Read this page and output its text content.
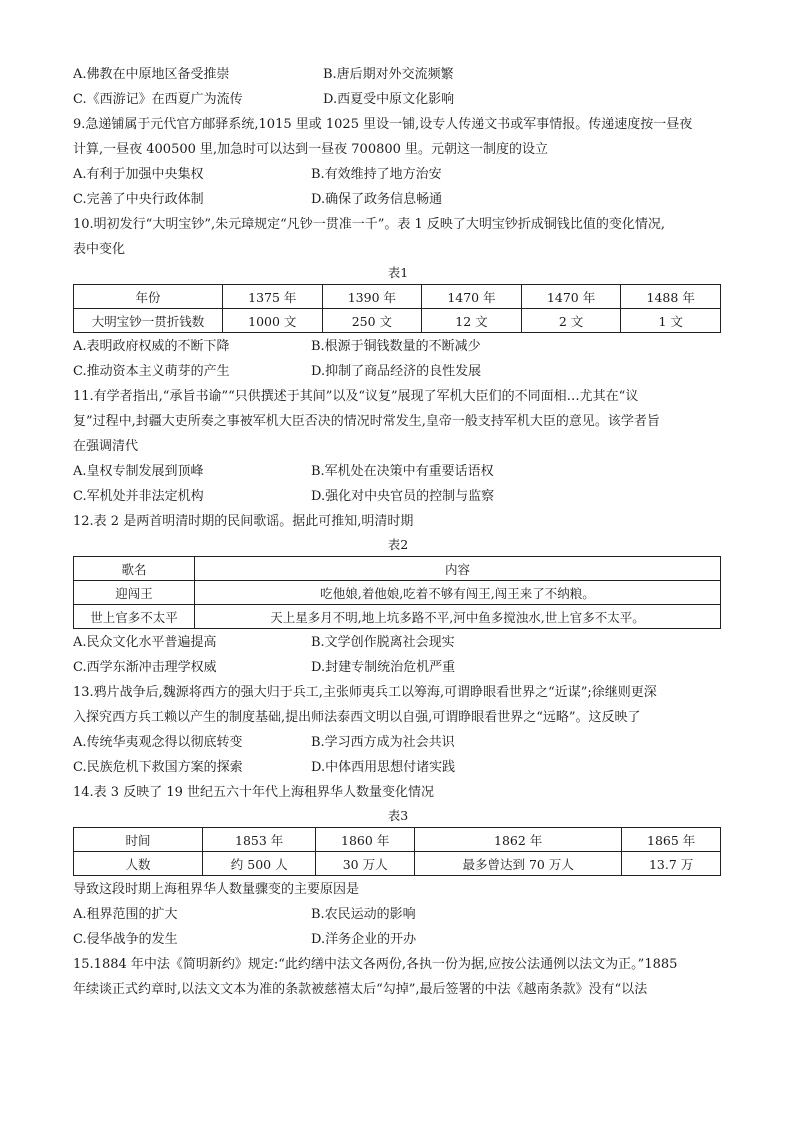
A.佛教在中原地区备受推崇	B.唐后期对外交流频繁
C.《西游记》在西夏广为流传	D.西夏受中原文化影响
9.急递铺属于元代官方邮驿系统,1015 里或 1025 里设一铺,设专人传递文书或军事情报。传递速度按一昼夜
计算,一昼夜 400500 里,加急时可以达到一昼夜 700800 里。元朝这一制度的设立
A.有利于加强中央集权	B.有效维持了地方治安
C.完善了中央行政体制	D.确保了政务信息畅通
10.明初发行“大明宝钞”,朱元璋规定“凡钞一贯准一千”。表 1 反映了大明宝钞折成铜钱比值的变化情况,
表中变化
表1
年份	1375 年	1390 年	1470 年	1470 年	1488 年
大明宝钞一贯折钱数	1000 文	250 文	12 文	2 文	1 文
A.表明政府权威的不断下降	B.根源于铜钱数量的不断减少
C.推动资本主义萌芽的产生	D.抑制了商品经济的良性发展
11.有学者指出,“承旨书谕”“只供撰述于其间”以及“议复”展现了军机大臣们的不同面相…尤其在“议
复”过程中,封疆大吏所奏之事被军机大臣否决的情况时常发生,皇帝一般支持军机大臣的意见。该学者旨
在强调清代
A.皇权专制发展到顶峰	B.军机处在决策中有重要话语权
C.军机处并非法定机构	D.强化对中央官员的控制与监察
12.表 2 是两首明清时期的民间歌谣。据此可推知,明清时期
表2
歌名	内容
迎闯王	吃他娘,着他娘,吃着不够有闯王,闯王来了不纳粮。
世上官多不太平	天上星多月不明,地上坑多路不平,河中鱼多搅浊水,世上官多不太平。
A.民众文化水平普遍提高	B.文学创作脱离社会现实
C.西学东渐冲击理学权威	D.封建专制统治危机严重
13.鸦片战争后,魏源将西方的强大归于兵工,主张师夷兵工以筹海,可谓睁眼看世界之“近谋”;徐继则更深
入探究西方兵工赖以产生的制度基础,提出师法泰西文明以自强,可谓睁眼看世界之“远略”。这反映了
A.传统华夷观念得以彻底转变	B.学习西方成为社会共识
C.民族危机下救国方案的探索	D.中体西用思想付诸实践
14.表 3 反映了 19 世纪五六十年代上海租界华人数量变化情况
表3
时间	1853 年	1860 年	1862 年	1865 年
人数	约 500 人	30 万人	最多曾达到 70 万人	13.7 万
导致这段时期上海租界华人数量骤变的主要原因是
A.租界范围的扩大	B.农民运动的影响
C.侵华战争的发生	D.洋务企业的开办
15.1884 年中法《简明新约》规定:“此约缮中法文各两份,各执一份为据,应按公法通例以法文为正。”1885
年续谈正式约章时,以法文文本为准的条款被慈禧太后“勾掉”,最后签署的中法《越南条款》没有“以法
